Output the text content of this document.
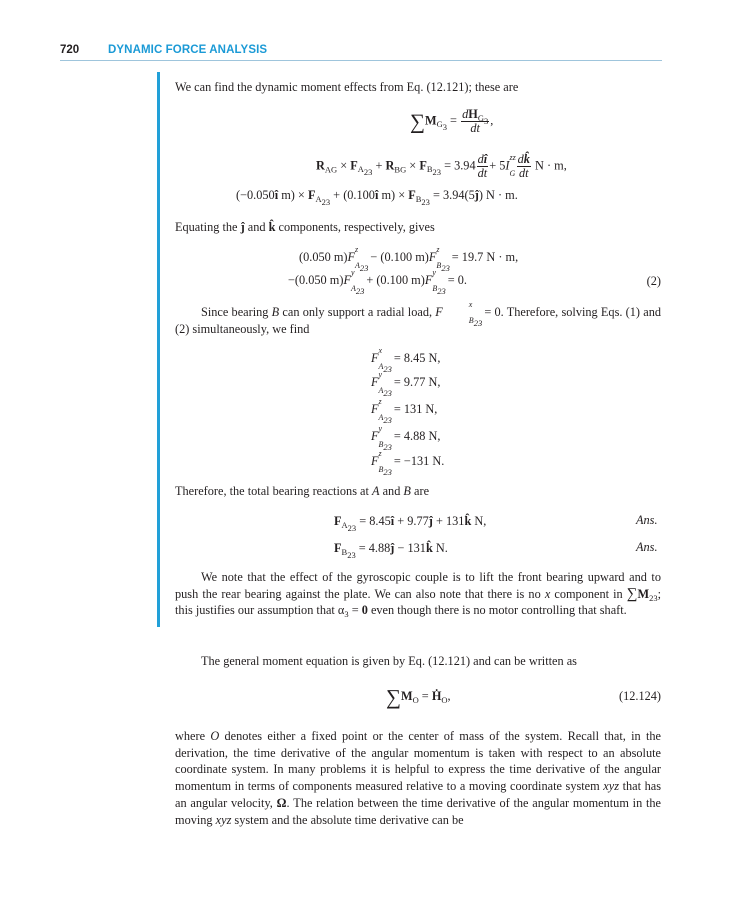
720	DYNAMIC FORCE ANALYSIS

We can find the dynamic moment effects from Eq. (12.121); these are

$\sum M_{G_3} = dH_{G_3}$
dt
,
$R_{AG} \times F_{A_{23}} + R_{BG} \times F_{B_{23}} = 3.94 \frac{dî}{dt} + 5I$
zz
G
$\frac{dk̂}{dt}$ N · m,
(−0.050î $m) \times F_{A_{23}}$ + (0.100î $m) \times F_{B_{23}}$ = 3.94(5ĵ) N · m.

Equating the ĵ and k̂ components, respectively, gives

(0.050 m)F
z
$A_{23}$
− (0.100 m)F
z
$B_{23}$
= 19.7 N · m,
−(0.050 m)F
y
$A_{23}$
+ (0.100 m)F
y
$B_{23}$
= 0.	(2)

Since bearing B can only support a radial load, F
x
$B_{23}$
= 0. Therefore, solving Eqs. (1) and (2) simultaneously, we find

F
x
$A_{23}$
= 8.45 N,
F
y
$A_{23}$
= 9.77 N,
F
z
$A_{23}$
= 131 N,
F
y
$B_{23}$
= 4.88 N,
F
z
$B_{23}$
= −131 N.

Therefore, the total bearing reactions at A and B are

$F_{A_{23}}$ = 8.45î + 9.77ĵ + 131k̂ N,	Ans.
$F_{B_{23}}$ = 4.88ĵ − 131k̂ N.	Ans.

We note that the effect of the gyroscopic couple is to lift the front bearing upward and to push the rear bearing against the plate. We can also note that there is no x component in $\sum M_{23}$; this justifies our assumption that $\alpha_3 = 0$ even though there is no motor controlling that shaft.

The general moment equation is given by Eq. (12.121) and can be written as

$\sum M_O$ = Ḣ$_O$,	(12.124)

where O denotes either a fixed point or the center of mass of the system. Recall that, in the derivation, the time derivative of the angular momentum is taken with respect to an absolute coordinate system. In many problems it is helpful to express the time derivative of the angular momentum in terms of components measured relative to a moving coordinate system xyz that has an angular velocity, Ω. The relation between the time derivative of the angular momentum in the moving xyz system and the absolute time derivative can be
